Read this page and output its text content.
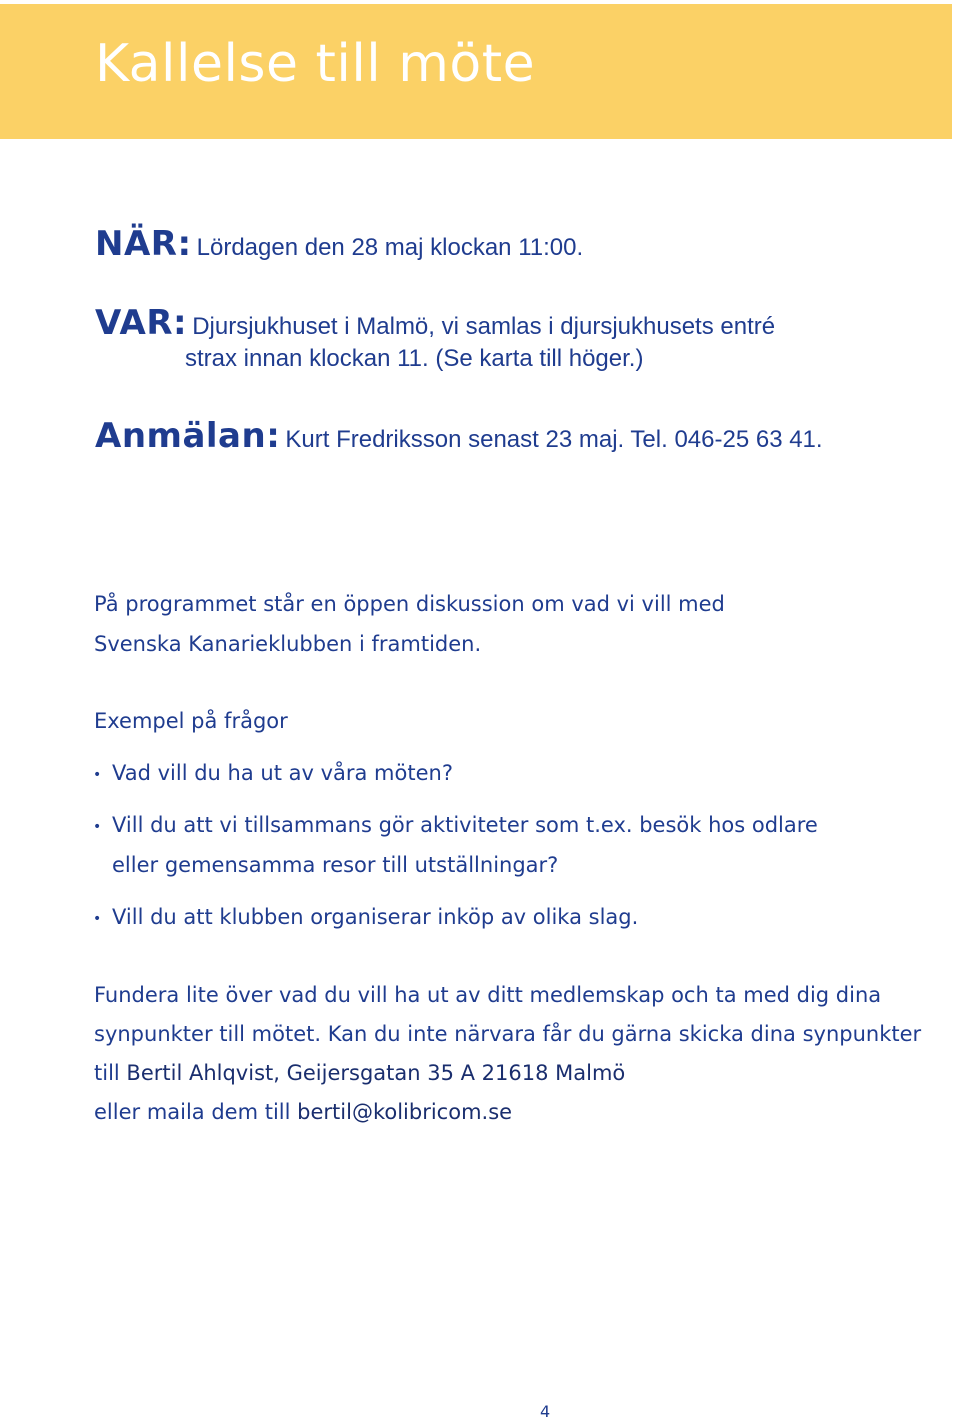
Kallelse till möte
NÄR: Lördagen den 28 maj klockan 11:00.
VAR: Djursjukhuset i Malmö, vi samlas i djursjukhusets entré
strax innan klockan 11. (Se karta till höger.)
Anmälan: Kurt Fredriksson senast 23 maj. Tel. 046-25 63 41.
På programmet står en öppen diskussion om vad vi vill med
Svenska Kanarieklubben i framtiden.
Exempel på frågor
• Vad vill du ha ut av våra möten?
• Vill du att vi tillsammans gör aktiviteter som t.ex. besök hos odlare
eller gemensamma resor till utställningar?
• Vill du att klubben organiserar inköp av olika slag.
Fundera lite över vad du vill ha ut av ditt medlemskap och ta med dig dina
synpunkter till mötet. Kan du inte närvara får du gärna skicka dina synpunkter
till Bertil Ahlqvist, Geijersgatan 35 A 21618 Malmö
eller maila dem till bertil@kolibricom.se
4
